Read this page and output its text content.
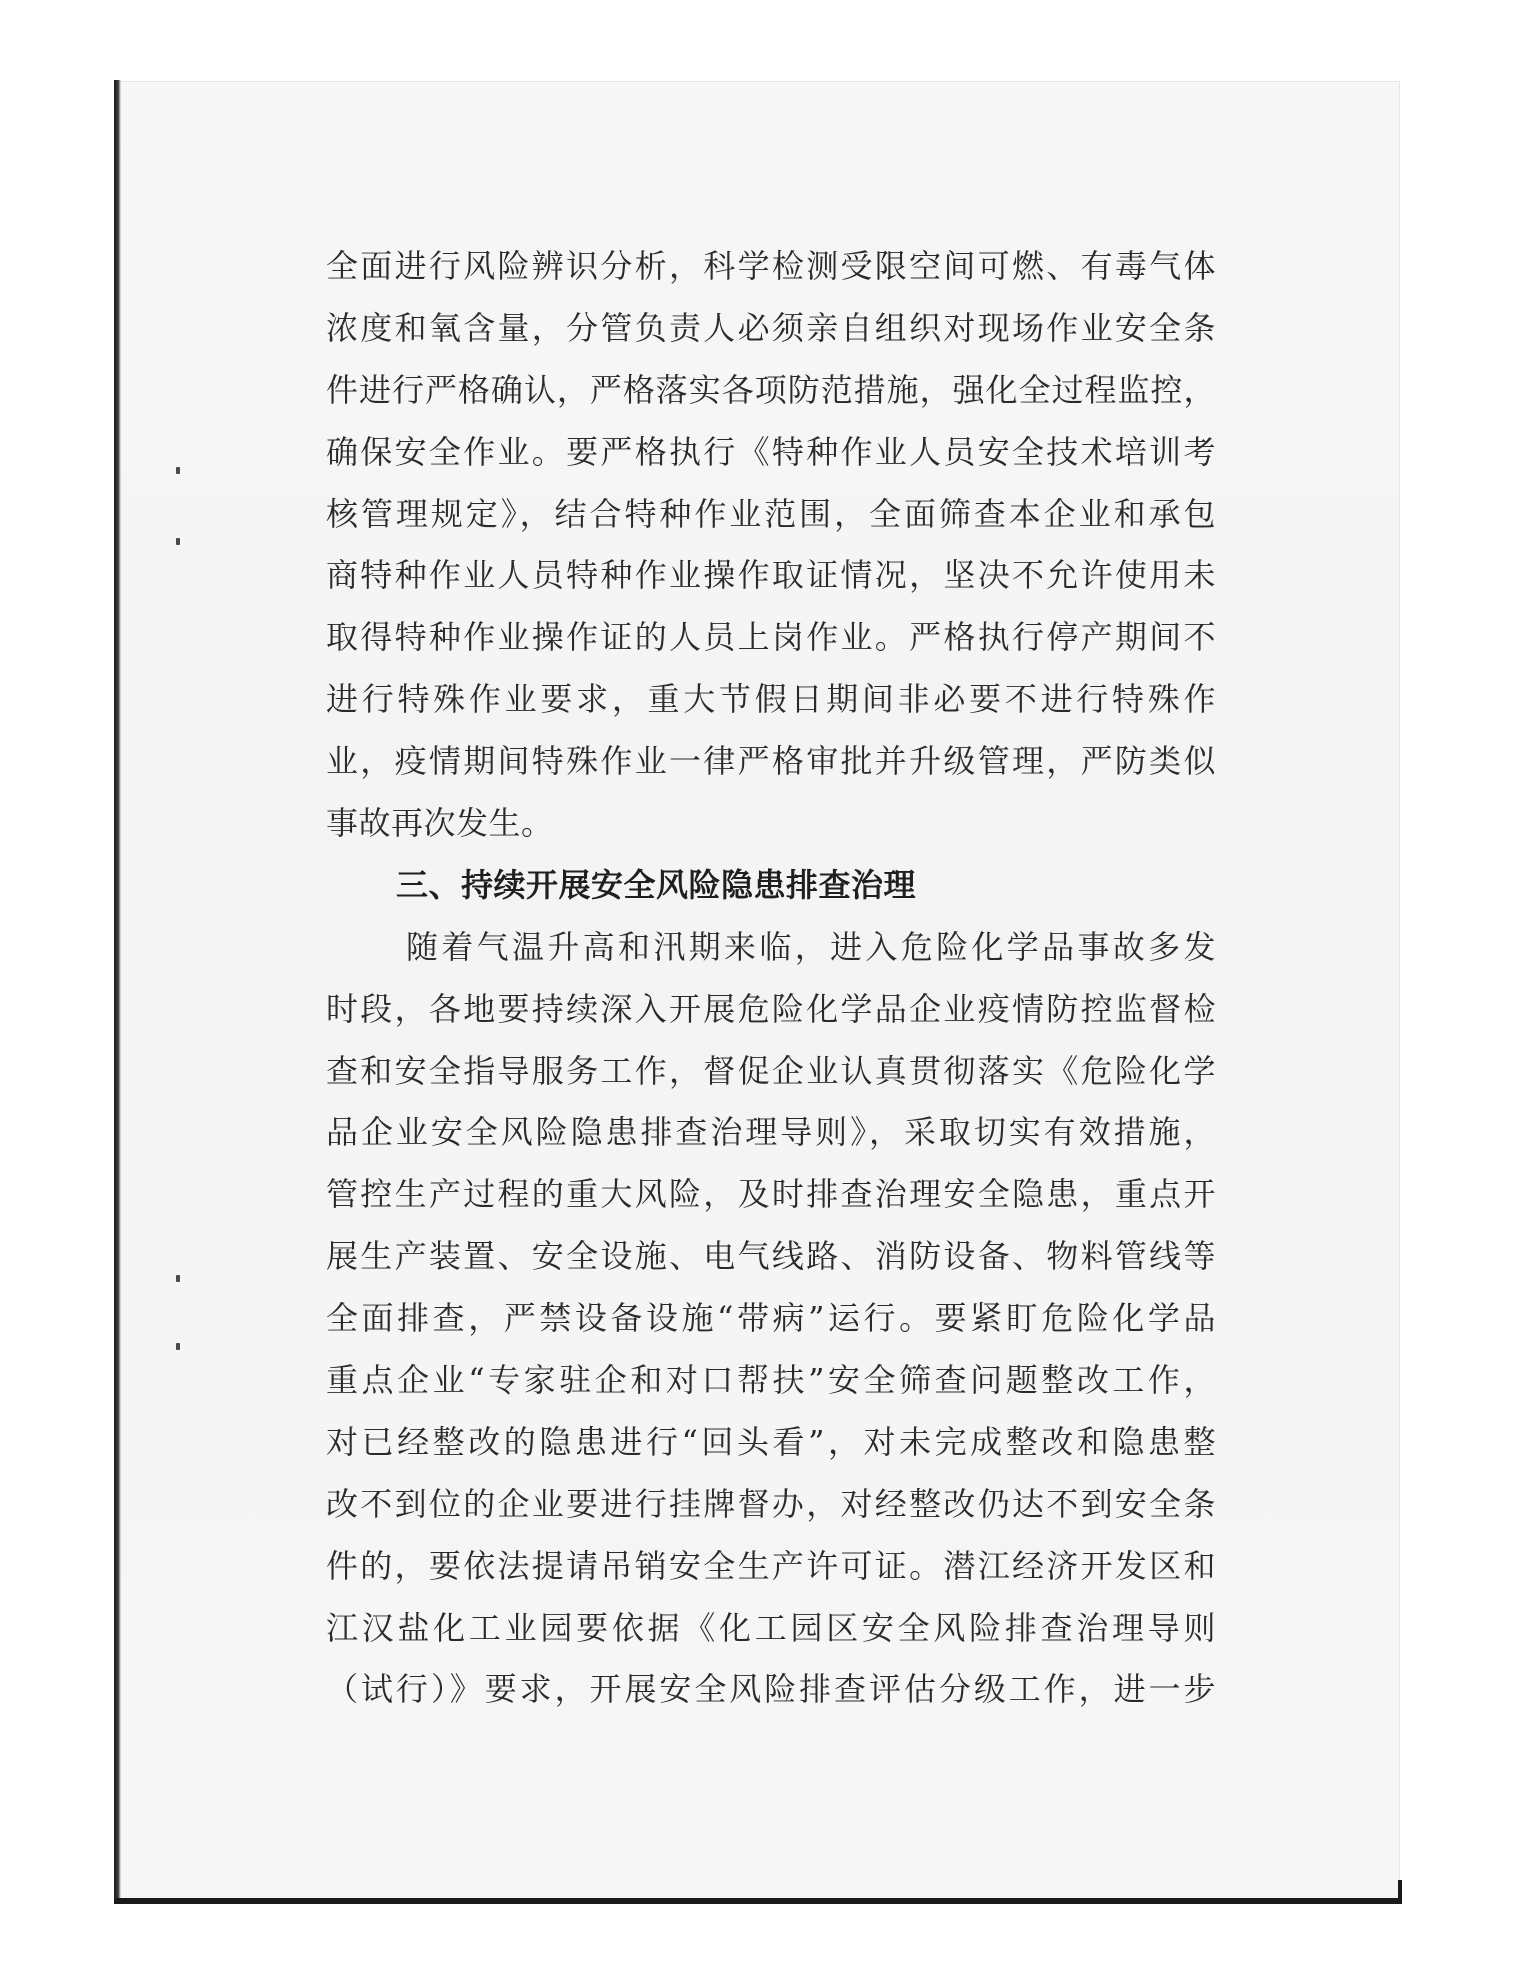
全面进行风险辨识分析，科学检测受限空间可燃、有毒气体
浓度和氧含量，分管负责人必须亲自组织对现场作业安全条
件进行严格确认，严格落实各项防范措施，强化全过程监控，
确保安全作业。要严格执行《特种作业人员安全技术培训考
核管理规定》，结合特种作业范围，全面筛查本企业和承包
商特种作业人员特种作业操作取证情况，坚决不允许使用未
取得特种作业操作证的人员上岗作业。严格执行停产期间不
进行特殊作业要求，重大节假日期间非必要不进行特殊作
业，疫情期间特殊作业一律严格审批并升级管理，严防类似
事故再次发生。
三、持续开展安全风险隐患排查治理
随着气温升高和汛期来临，进入危险化学品事故多发
时段，各地要持续深入开展危险化学品企业疫情防控监督检
查和安全指导服务工作，督促企业认真贯彻落实《危险化学
品企业安全风险隐患排查治理导则》，采取切实有效措施，
管控生产过程的重大风险，及时排查治理安全隐患，重点开
展生产装置、安全设施、电气线路、消防设备、物料管线等
全面排查，严禁设备设施“带病”运行。要紧盯危险化学品
重点企业“专家驻企和对口帮扶”安全筛查问题整改工作，
对已经整改的隐患进行“回头看”，对未完成整改和隐患整
改不到位的企业要进行挂牌督办，对经整改仍达不到安全条
件的，要依法提请吊销安全生产许可证。潜江经济开发区和
江汉盐化工业园要依据《化工园区安全风险排查治理导则
（试行）》要求，开展安全风险排查评估分级工作，进一步
